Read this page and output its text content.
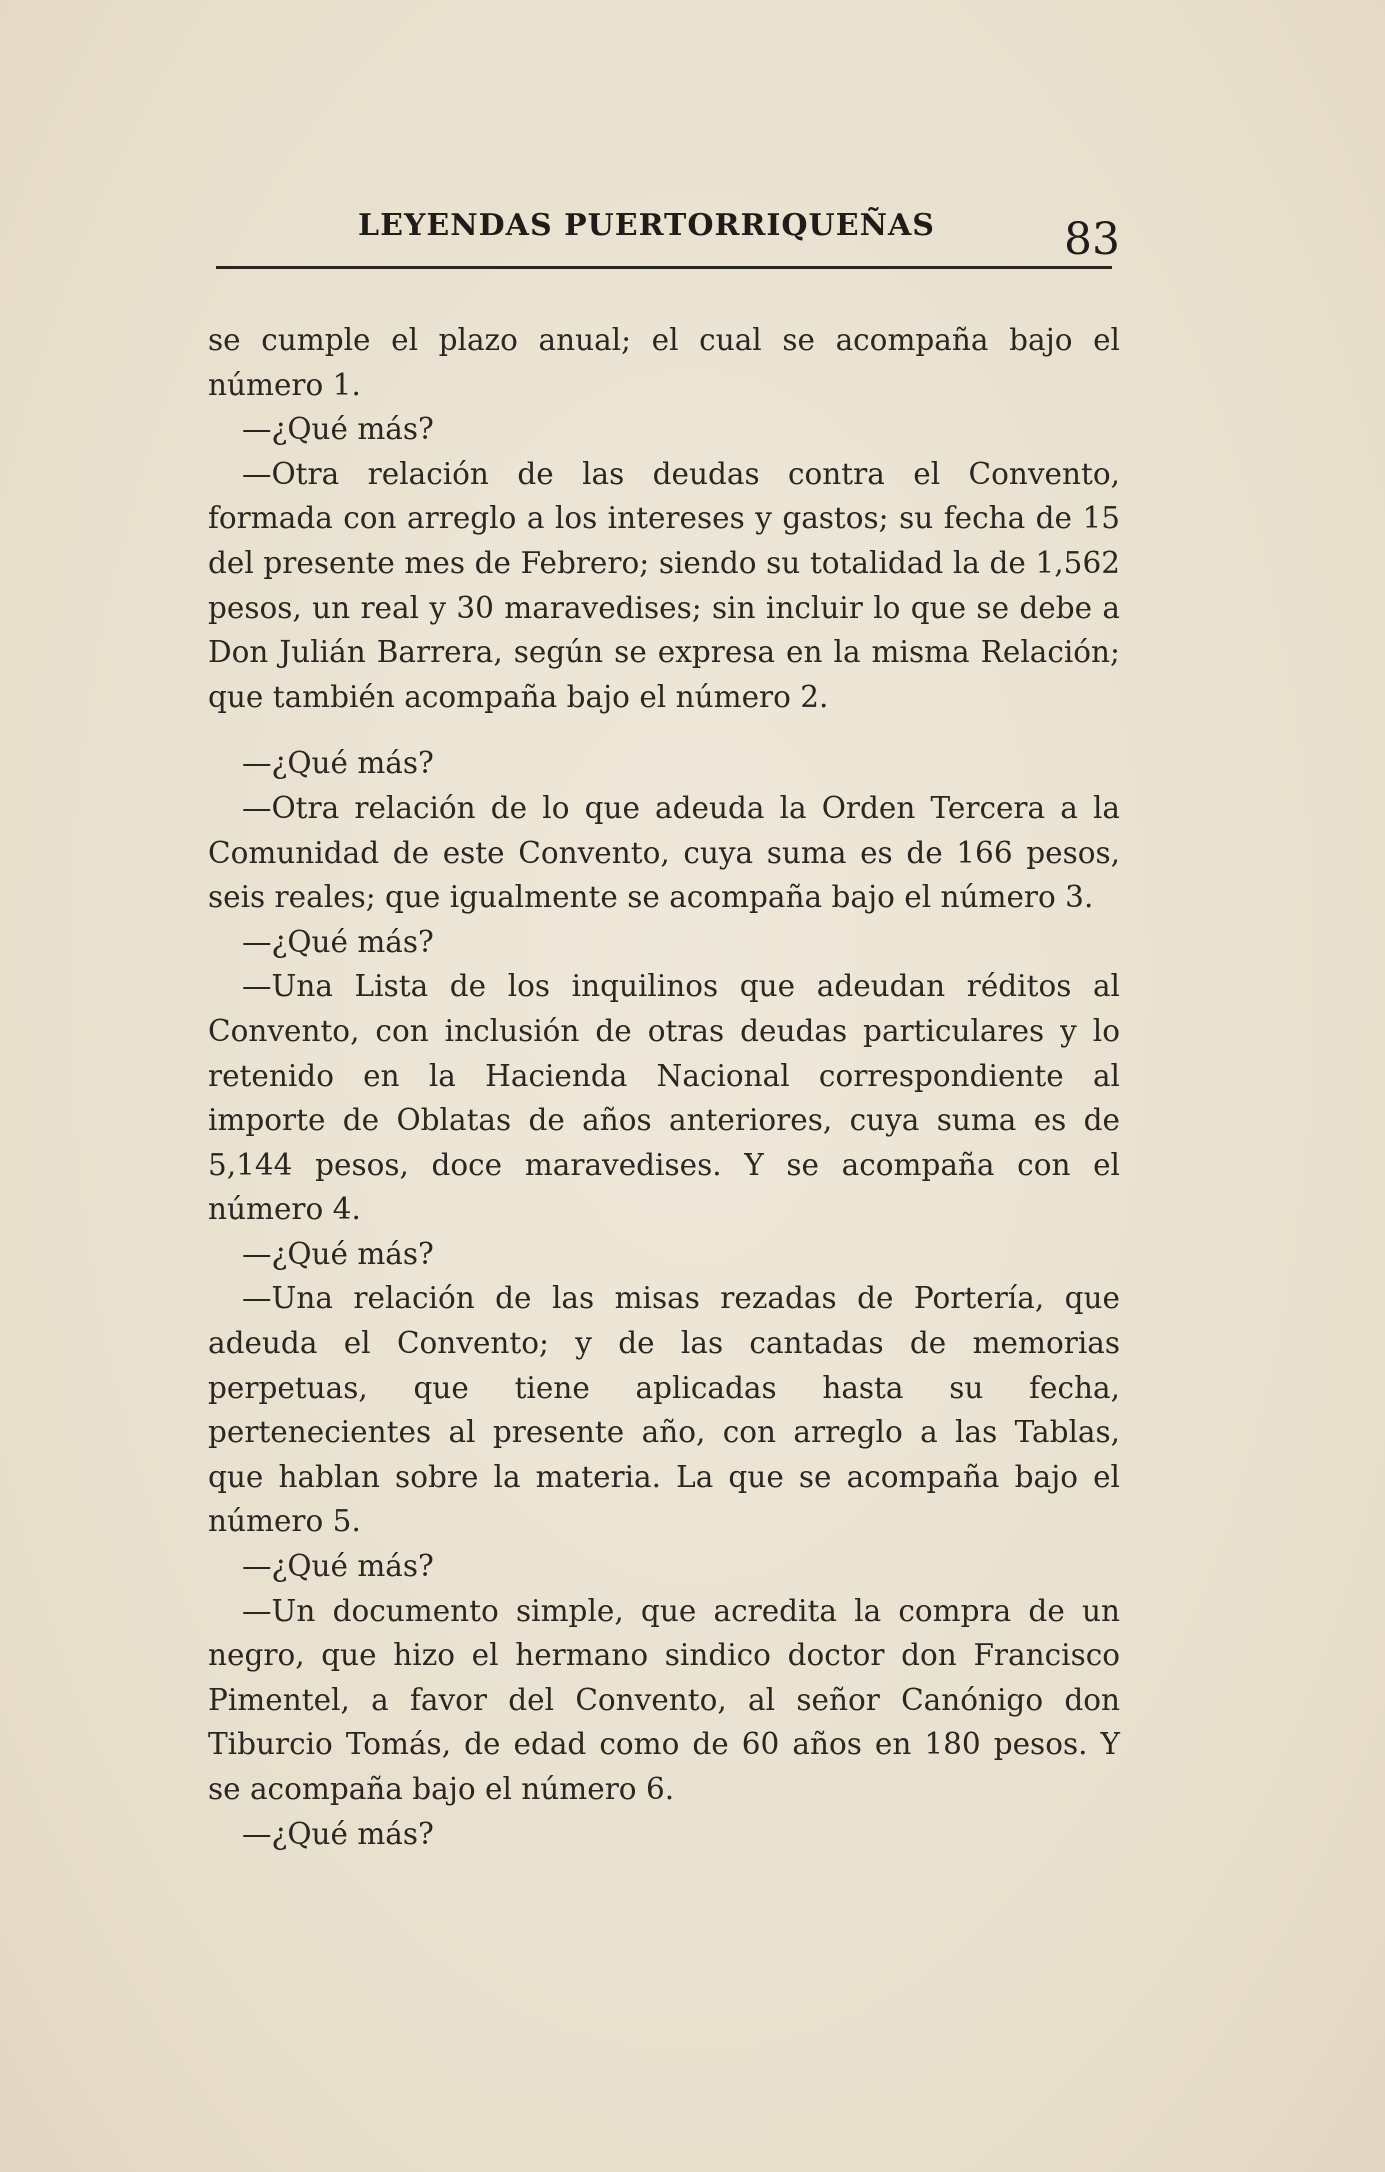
LEYENDAS PUERTORRIQUEÑAS	83

se cumple el plazo anual; el cual se acompaña bajo el número 1.

—¿Qué más?

—Otra relación de las deudas contra el Convento, formada con arreglo a los intereses y gastos; su fecha de 15 del presente mes de Febrero; siendo su totalidad la de 1,562 pesos, un real y 30 maravedises; sin incluir lo que se debe a Don Julián Barrera, según se expresa en la misma Relación; que también acompaña bajo el número 2.

—¿Qué más?

—Otra relación de lo que adeuda la Orden Tercera a la Comunidad de este Convento, cuya suma es de 166 pesos, seis reales; que igualmente se acompaña bajo el número 3.

—¿Qué más?

—Una Lista de los inquilinos que adeudan réditos al Convento, con inclusión de otras deudas particulares y lo retenido en la Hacienda Nacional correspondiente al importe de Oblatas de años anteriores, cuya suma es de 5,144 pesos, doce maravedises. Y se acompaña con el número 4.

—¿Qué más?

—Una relación de las misas rezadas de Portería, que adeuda el Convento; y de las cantadas de memorias perpetuas, que tiene aplicadas hasta su fecha, pertenecientes al presente año, con arreglo a las Tablas, que hablan sobre la materia. La que se acompaña bajo el número 5.

—¿Qué más?

—Un documento simple, que acredita la compra de un negro, que hizo el hermano sindico doctor don Francisco Pimentel, a favor del Convento, al señor Canónigo don Tiburcio Tomás, de edad como de 60 años en 180 pesos. Y se acompaña bajo el número 6.

—¿Qué más?
